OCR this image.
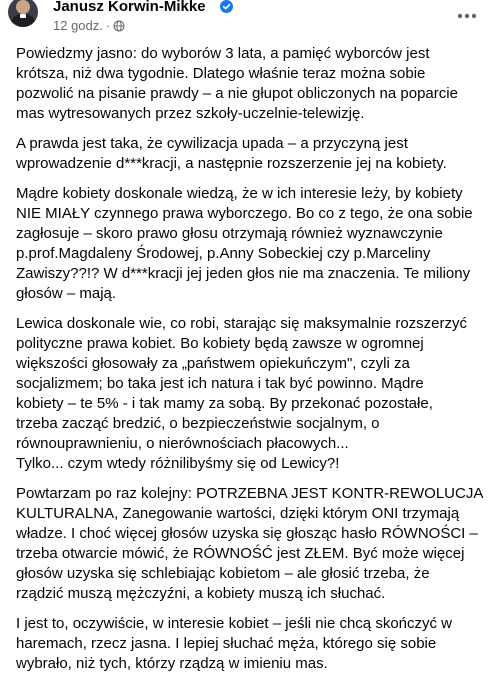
Janusz Korwin-Mikke
12 godz. ·

Powiedzmy jasno: do wyborów 3 lata, a pamięć wyborców jest
krótsza, niż dwa tygodnie. Dlatego właśnie teraz można sobie
pozwolić na pisanie prawdy – a nie głupot obliczonych na poparcie
mas wytresowanych przez szkoły-uczelnie-telewizję.

A prawda jest taka, że cywilizacja upada – a przyczyną jest
wprowadzenie d***kracji, a następnie rozszerzenie jej na kobiety.

Mądre kobiety doskonale wiedzą, że w ich interesie leży, by kobiety
NIE MIAŁY czynnego prawa wyborczego. Bo co z tego, że ona sobie
zagłosuje – skoro prawo głosu otrzymają również wyznawczynie
p.prof.Magdaleny Środowej, p.Anny Sobeckiej czy p.Marceliny
Zawiszy??!? W d***kracji jej jeden głos nie ma znaczenia. Te miliony
głosów – mają.

Lewica doskonale wie, co robi, starając się maksymalnie rozszerzyć
polityczne prawa kobiet. Bo kobiety będą zawsze w ogromnej
większości głosowały za „państwem opiekuńczym", czyli za
socjalizmem; bo taka jest ich natura i tak być powinno. Mądre
kobiety – te 5% - i tak mamy za sobą. By przekonać pozostałe,
trzeba zacząć bredzić, o bezpieczeństwie socjalnym, o
równouprawnieniu, o nierównościach płacowych...
Tylko... czym wtedy różnilibyśmy się od Lewicy?!

Powtarzam po raz kolejny: POTRZEBNA JEST KONTR-REWOLUCJA
KULTURALNA, Zanegowanie wartości, dzięki którym ONI trzymają
władze. I choć więcej głosów uzyska się głosząc hasło RÓWNOŚCI –
trzeba otwarcie mówić, że RÓWNOŚĆ jest ZŁEM. Być może więcej
głosów uzyska się schlebiając kobietom – ale głosić trzeba, że
rządzić muszą mężczyźni, a kobiety muszą ich słuchać.

I jest to, oczywiście, w interesie kobiet – jeśli nie chcą skończyć w
haremach, rzecz jasna. I lepiej słuchać męża, którego się sobie
wybrało, niż tych, którzy rządzą w imieniu mas.
